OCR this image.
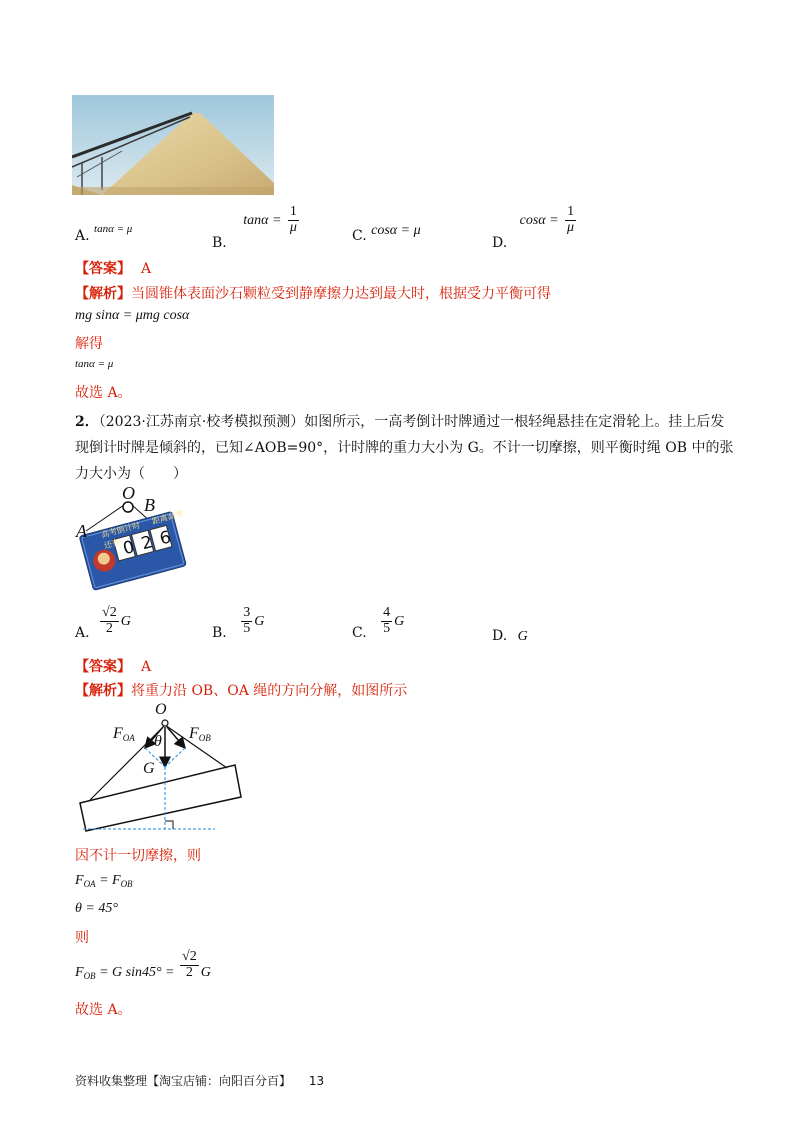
A. $^{tan\alpha = \mu}$
B. $\tan\alpha = \frac{1}{\mu}$
C. cosα = μ
D. $\cos\alpha = \frac{1}{\mu}$
【答案】 A
【解析】当圆锥体表面沙石颗粒受到静摩擦力达到最大时，根据受力平衡可得
mg sinα = μmg cosα
解得
tanα = μ
故选 A。
2．（2023·江苏南京·校考模拟预测）如图所示，一高考倒计时牌通过一根轻绳悬挂在定滑轮上。挂上后发
现倒计时牌是倾斜的，已知∠AOB=90°，计时牌的重力大小为 G。不计一切摩擦，则平衡时绳 OB 中的张
力大小为（　　）
O
B
A 高考倒计时 距离高考还有 0 2 6
A. $\frac{√2}{2}$ G
B. $\frac{3}{5}$ G
C. $\frac{4}{5}$ G
D. G
【答案】 A
【解析】将重力沿 OB、OA 绳的方向分解，如图所示
O
$F_{OA}$	$F_{OB}$
θ
G
因不计一切摩擦，则
$F_{OA} = F_{OB}$
θ = 45°
则
$F_{OB} = G$ $\sin 45^\circ = \frac{√2}{2}$ G
故选 A。
资料收集整理【淘宝店铺：向阳百分百】 13
